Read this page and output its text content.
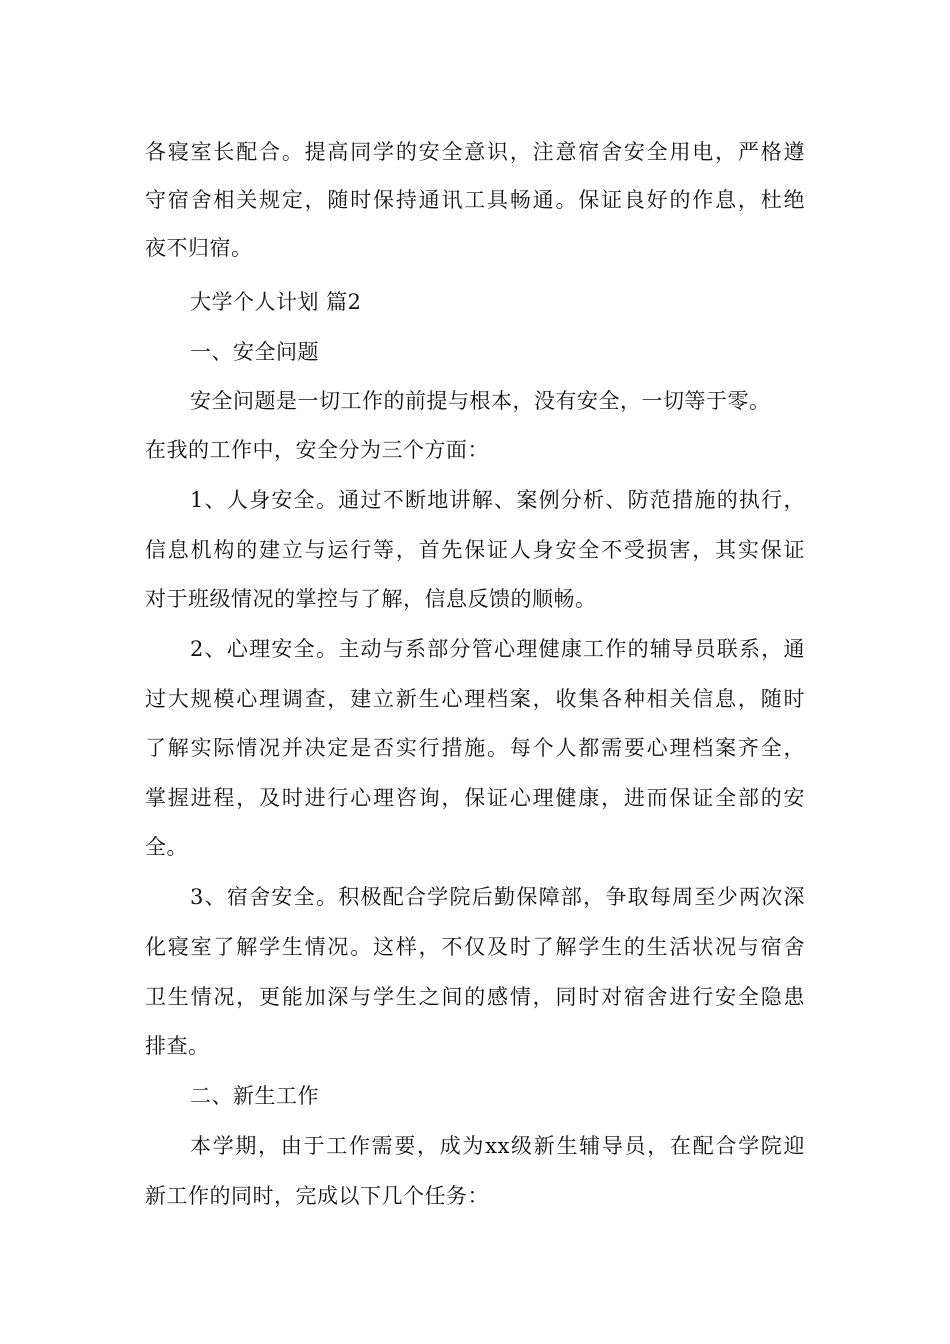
各寝室长配合。提高同学的安全意识，注意宿舍安全用电，严格遵
守宿舍相关规定，随时保持通讯工具畅通。保证良好的作息，杜绝
夜不归宿。
大学个人计划 篇2
一、安全问题
安全问题是一切工作的前提与根本，没有安全，一切等于零。
在我的工作中，安全分为三个方面：
1、人身安全。通过不断地讲解、案例分析、防范措施的执行，
信息机构的建立与运行等，首先保证人身安全不受损害，其实保证
对于班级情况的掌控与了解，信息反馈的顺畅。
2、心理安全。主动与系部分管心理健康工作的辅导员联系，通
过大规模心理调查，建立新生心理档案，收集各种相关信息，随时
了解实际情况并决定是否实行措施。每个人都需要心理档案齐全，
掌握进程，及时进行心理咨询，保证心理健康，进而保证全部的安
全。
3、宿舍安全。积极配合学院后勤保障部，争取每周至少两次深
化寝室了解学生情况。这样，不仅及时了解学生的生活状况与宿舍
卫生情况，更能加深与学生之间的感情，同时对宿舍进行安全隐患
排查。
二、新生工作
本学期，由于工作需要，成为xx级新生辅导员，在配合学院迎
新工作的同时，完成以下几个任务：
